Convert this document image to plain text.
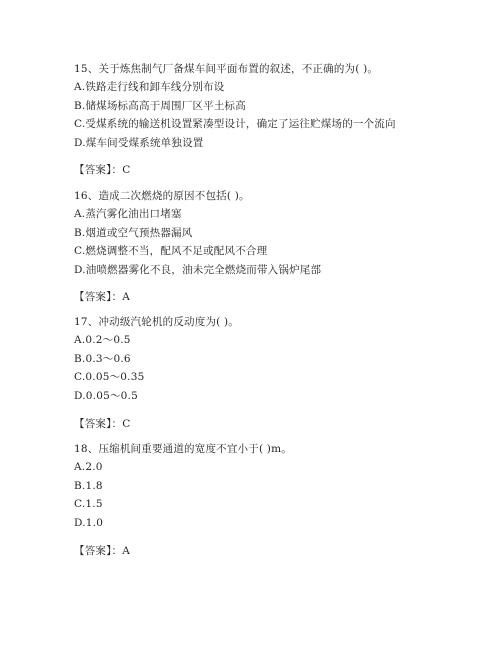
15、关于炼焦制气厂备煤车间平面布置的叙述，不正确的为( )。
A.铁路走行线和卸车线分别布设
B.储煤场标高高于周围厂区平土标高
C.受煤系统的输送机设置紧凑型设计，确定了运往贮煤场的一个流向
D.煤车间受煤系统单独设置
【答案】：C
16、造成二次燃烧的原因不包括( )。
A.蒸汽雾化油出口堵塞
B.烟道或空气预热器漏风
C.燃烧调整不当，配风不足或配风不合理
D.油喷燃器雾化不良，油未完全燃烧而带入锅炉尾部
【答案】：A
17、冲动级汽轮机的反动度为( )。
A.0.2～0.5
B.0.3～0.6
C.0.05～0.35
D.0.05～0.5
【答案】：C
18、压缩机间重要通道的宽度不宜小于( )m。
A.2.0
B.1.8
C.1.5
D.1.0
【答案】：A
